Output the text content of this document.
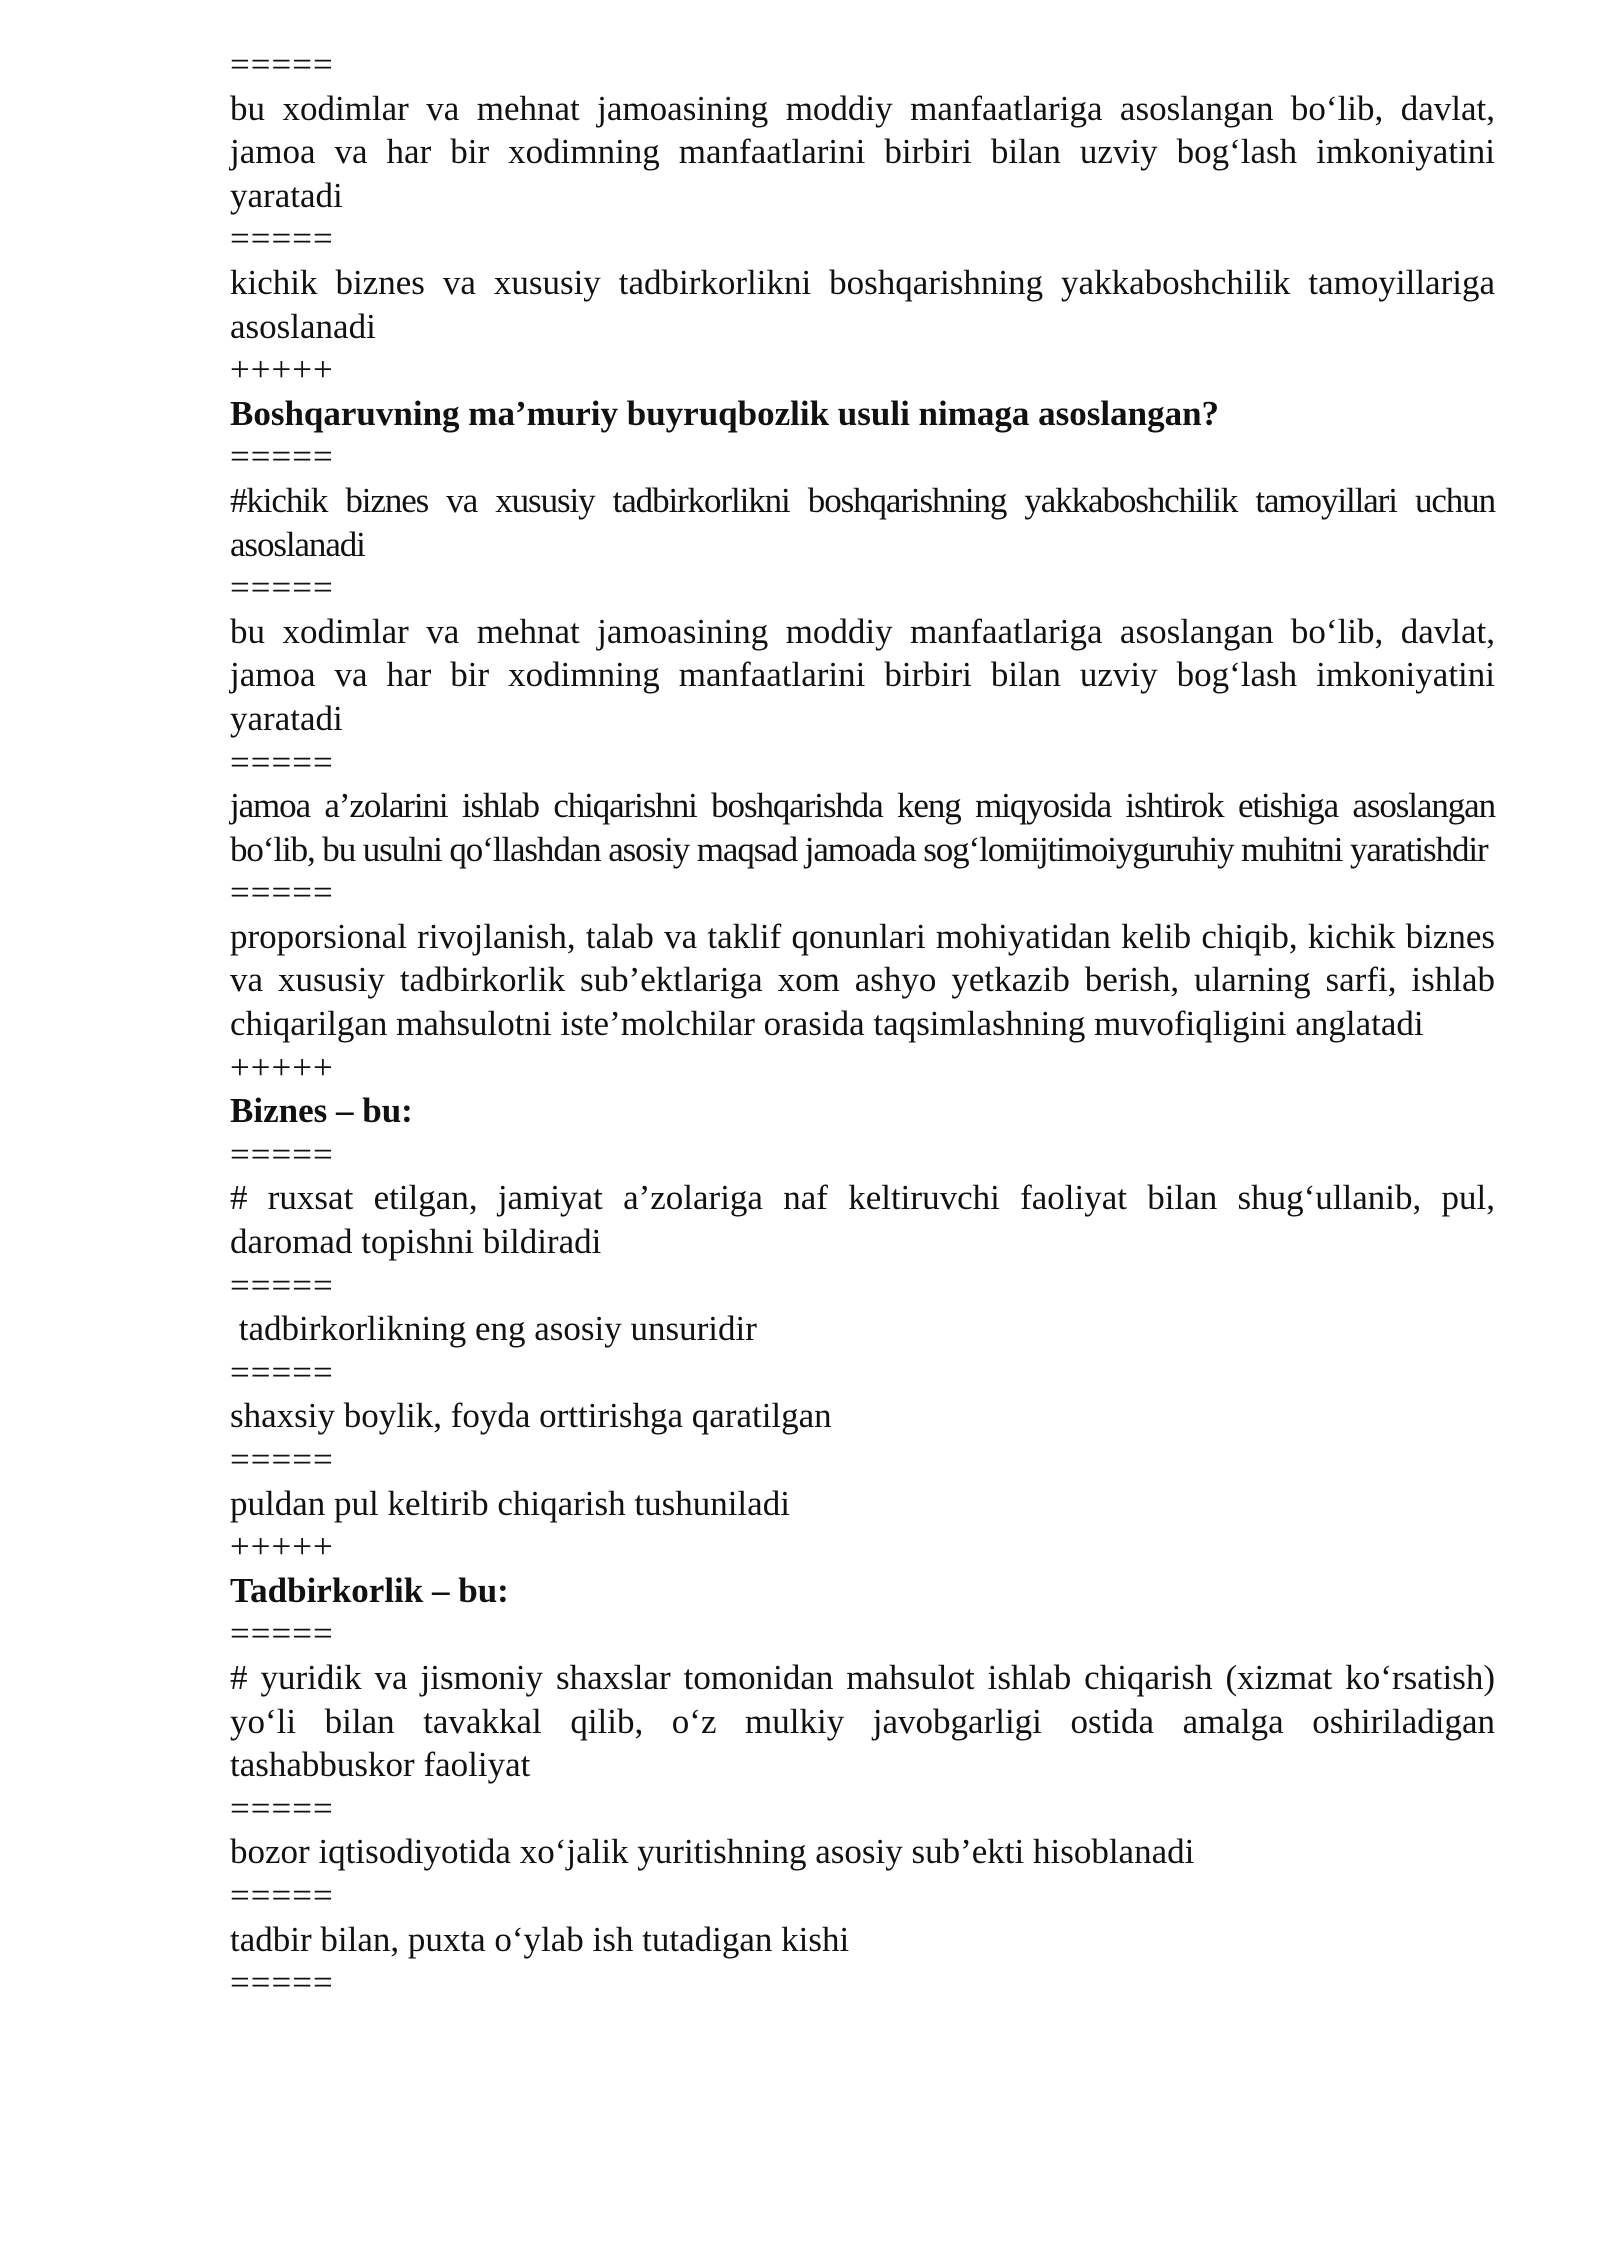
=====
bu xodimlar va mehnat jamoasining moddiy manfaatlariga asoslangan bo‘lib, davlat, jamoa va har bir xodimning manfaatlarini birbiri bilan uzviy bog‘lash imkoniyatini yaratadi
=====
kichik biznes va xususiy tadbirkorlikni boshqarishning yakkaboshchilik tamoyillariga asoslanadi
+++++
Boshqaruvning ma’muriy buyruqbozlik usuli nimaga asoslangan?
=====
#kichik biznes va xususiy tadbirkorlikni boshqarishning yakkaboshchilik tamoyillari uchun asoslanadi
=====
bu xodimlar va mehnat jamoasining moddiy manfaatlariga asoslangan bo‘lib, davlat, jamoa va har bir xodimning manfaatlarini birbiri bilan uzviy bog‘lash imkoniyatini yaratadi
=====
jamoa a’zolarini ishlab chiqarishni boshqarishda keng miqyosida ishtirok etishiga asoslangan bo‘lib, bu usulni qo‘llashdan asosiy maqsad jamoada sog‘lomijtimoiyguruhiy muhitni yaratishdir
=====
proporsional rivojlanish, talab va taklif qonunlari mohiyatidan kelib chiqib, kichik biznes va xususiy tadbirkorlik sub’ektlariga xom ashyo yetkazib berish, ularning sarfi, ishlab chiqarilgan mahsulotni iste’molchilar orasida taqsimlashning muvofiqligini anglatadi
+++++
Biznes – bu:
=====
# ruxsat etilgan, jamiyat a’zolariga naf keltiruvchi faoliyat bilan shug‘ullanib, pul, daromad topishni bildiradi
=====
tadbirkorlikning eng asosiy unsuridir
=====
shaxsiy boylik, foyda orttirishga qaratilgan
=====
puldan pul keltirib chiqarish tushuniladi
+++++
Tadbirkorlik – bu:
=====
# yuridik va jismoniy shaxslar tomonidan mahsulot ishlab chiqarish (xizmat ko‘rsatish) yo‘li bilan tavakkal qilib, o‘z mulkiy javobgarligi ostida amalga oshiriladigan tashabbuskor faoliyat
=====
bozor iqtisodiyotida xo‘jalik yuritishning asosiy sub’ekti hisoblanadi
=====
tadbir bilan, puxta o‘ylab ish tutadigan kishi
=====
